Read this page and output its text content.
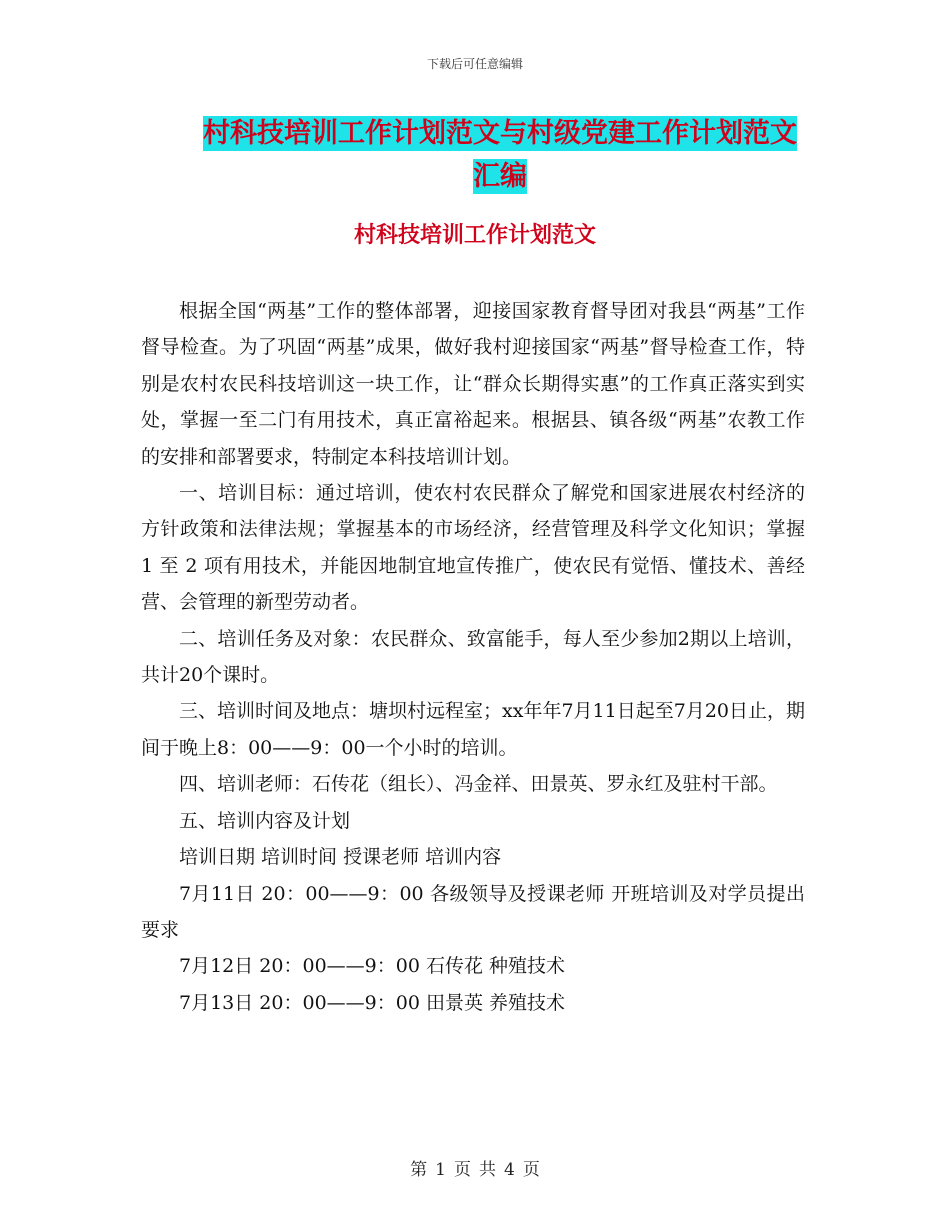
下载后可任意编辑
村科技培训工作计划范文与村级党建工作计划范文汇编
村科技培训工作计划范文

根据全国“两基”工作的整体部署，迎接国家教育督导团对我县“两基”工作督导检查。为了巩固“两基”成果，做好我村迎接国家“两基”督导检查工作，特别是农村农民科技培训这一块工作，让“群众长期得实惠”的工作真正落实到实处，掌握一至二门有用技术，真正富裕起来。根据县、镇各级“两基”农教工作的安排和部署要求，特制定本科技培训计划。

一、培训目标：通过培训，使农村农民群众了解党和国家进展农村经济的方针政策和法律法规；掌握基本的市场经济，经营管理及科学文化知识；掌握 1 至 2 项有用技术，并能因地制宜地宣传推广，使农民有觉悟、懂技术、善经营、会管理的新型劳动者。

二、培训任务及对象：农民群众、致富能手，每人至少参加2期以上培训，共计20个课时。

三、培训时间及地点：塘坝村远程室；xx年年7月11日起至7月20日止，期间于晚上8：00——9：00一个小时的培训。

四、培训老师：石传花（组长）、冯金祥、田景英、罗永红及驻村干部。

五、培训内容及计划

培训日期 培训时间 授课老师 培训内容

7月11日 20：00——9：00 各级领导及授课老师 开班培训及对学员提出要求

7月12日 20：00——9：00 石传花 种殖技术

7月13日 20：00——9：00 田景英 养殖技术

第 1 页 共 4 页
